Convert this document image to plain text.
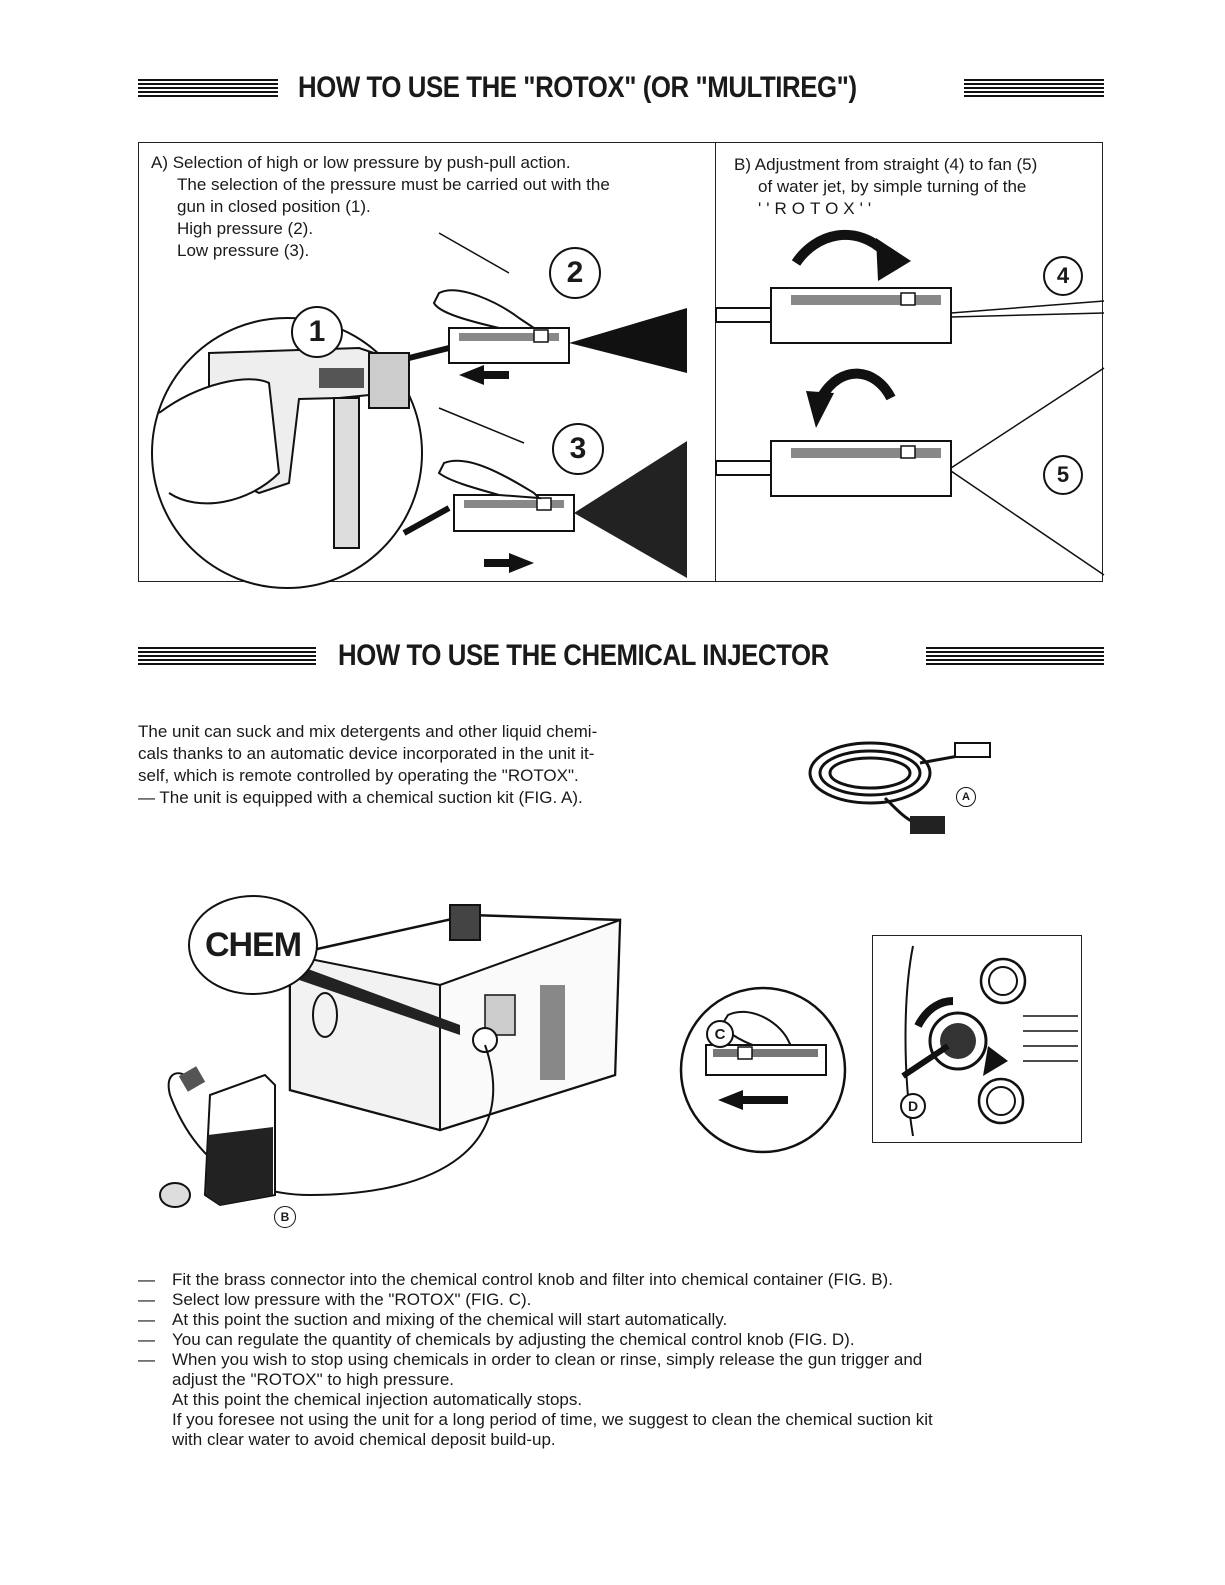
HOW TO USE THE "ROTOX" (OR "MULTIREG")
A) Selection of high or low pressure by push-pull action.
The selection of the pressure must be carried out with the
gun in closed position (1).
High pressure (2).
Low pressure (3).
1
2
3
B) Adjustment from straight (4) to fan (5)
of water jet, by simple turning of the
''ROTOX''
4
5
HOW TO USE THE CHEMICAL INJECTOR
The unit can suck and mix detergents and other liquid chemi-
cals thanks to an automatic device incorporated in the unit it-
self, which is remote controlled by operating the "ROTOX".
— The unit is equipped with a chemical suction kit (FIG. A).	A
CHEM
B
C
D
— Fit the brass connector into the chemical control knob and filter into chemical container (FIG. B).
— Select low pressure with the "ROTOX" (FIG. C).
— At this point the suction and mixing of the chemical will start automatically.
— You can regulate the quantity of chemicals by adjusting the chemical control knob (FIG. D).
— When you wish to stop using chemicals in order to clean or rinse, simply release the gun trigger and
adjust the "ROTOX" to high pressure.
At this point the chemical injection automatically stops.
If you foresee not using the unit for a long period of time, we suggest to clean the chemical suction kit
with clear water to avoid chemical deposit build-up.
